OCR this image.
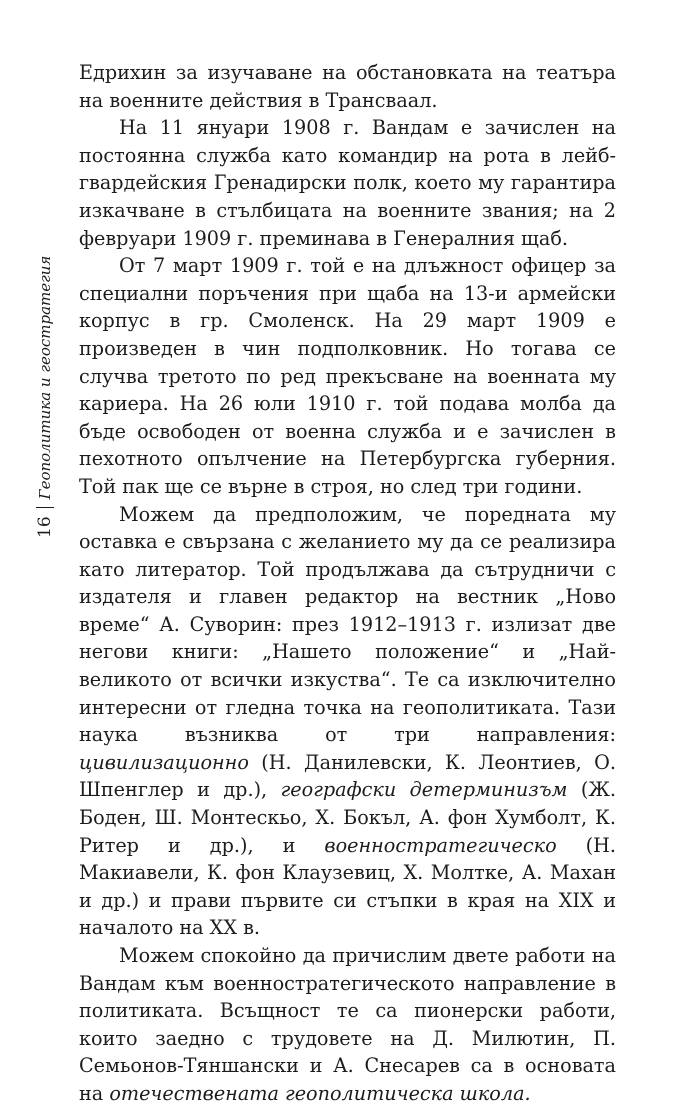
16
Геополитика и геостратегия

Едрихин за изучаване на обстановката на театъра на военните действия в Трансваал.

На 11 януари 1908 г. Вандам е зачислен на постоянна служба като командир на рота в лейб-гвардейския Гренадирски полк, което му гарантира изкачване в стълбицата на военните звания; на 2 февруари 1909 г. преминава в Генералния щаб.

От 7 март 1909 г. той е на длъжност офицер за специални поръчения при щаба на 13-и армейски корпус в гр. Смоленск. На 29 март 1909 е произведен в чин подполковник. Но тогава се случва третото по ред прекъсване на военната му кариера. На 26 юли 1910 г. той подава молба да бъде освободен от военна служба и е зачислен в пехотното опълчение на Петербургска губерния. Той пак ще се върне в строя, но след три години.

Можем да предположим, че поредната му оставка е свързана с желанието му да се реализира като литератор. Той продължава да сътрудничи с издателя и главен редактор на вестник „Ново време“ А. Суворин: през 1912–1913 г. излизат две негови книги: „Нашето положение“ и „Най-великото от всички изкуства“. Те са изключително интересни от гледна точка на геополитиката. Тази наука възниква от три направления: цивилизационно (Н. Данилевски, К. Леонтиев, О. Шпенглер и др.), географски детерминизъм (Ж. Боден, Ш. Монтескьо, Х. Бокъл, А. фон Хумболт, К. Ритер и др.), и военностратегическо (Н. Макиавели, К. фон Клаузевиц, Х. Молтке, А. Махан и др.) и прави първите си стъпки в края на XIX и началото на XX в.

Можем спокойно да причислим двете работи на Вандам към военностратегическото направление в политиката. Всъщност те са пионерски работи, които заедно с трудовете на Д. Милютин, П. Семьонов-Тяншански и А. Снесарев са в основата на отечествената геополитическа школа.
